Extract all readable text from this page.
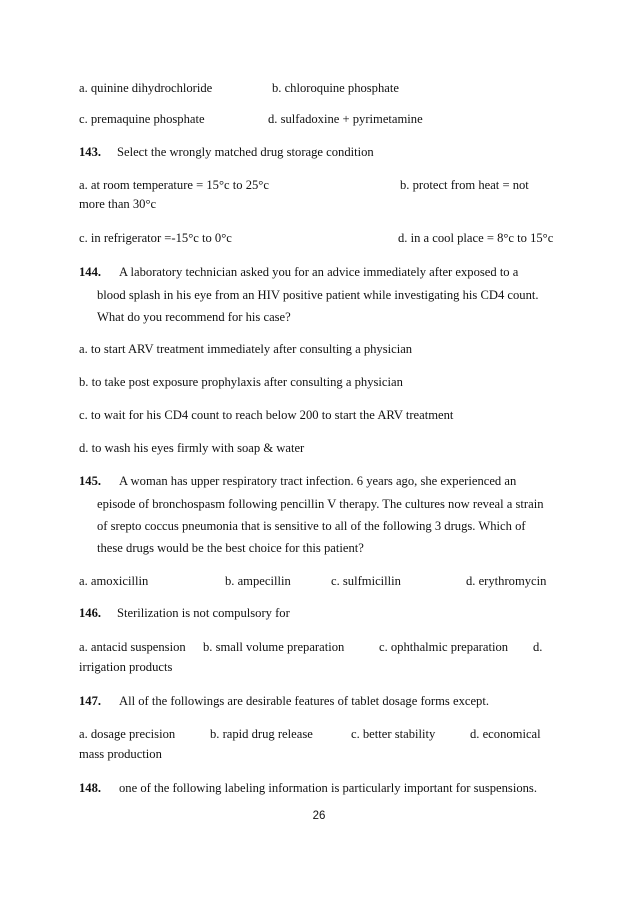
a. quinine dihydrochloride	b. chloroquine phosphate
c. premaquine phosphate	d. sulfadoxine + pyrimetamine
143. Select the wrongly matched drug storage condition
a. at room temperature = 15°c to 25°c	b. protect from heat = not
more than 30°c
c. in refrigerator =-15°c to 0°c	d. in a cool place = 8°c to 15°c
144. A laboratory technician asked you for an advice immediately after exposed to a
blood splash in his eye from an HIV positive patient while investigating his CD4 count.
What do you recommend for his case?
a. to start ARV treatment immediately after consulting a physician
b. to take post exposure prophylaxis after consulting a physician
c. to wait for his CD4 count to reach below 200 to start the ARV treatment
d. to wash his eyes firmly with soap & water
145. A woman has upper respiratory tract infection. 6 years ago, she experienced an
episode of bronchospasm following pencillin V therapy. The cultures now reveal a strain
of srepto coccus pneumonia that is sensitive to all of the following 3 drugs. Which of
these drugs would be the best choice for this patient?
a. amoxicillin	b. ampecillin	c. sulfmicillin	d. erythromycin
146. Sterilization is not compulsory for
a. antacid suspension b. small volume preparation	c. ophthalmic preparation d.
irrigation products
147. All of the followings are desirable features of tablet dosage forms except.
a. dosage precision	b. rapid drug release	c. better stability	d. economical
mass production
148. one of the following labeling information is particularly important for suspensions.
26
